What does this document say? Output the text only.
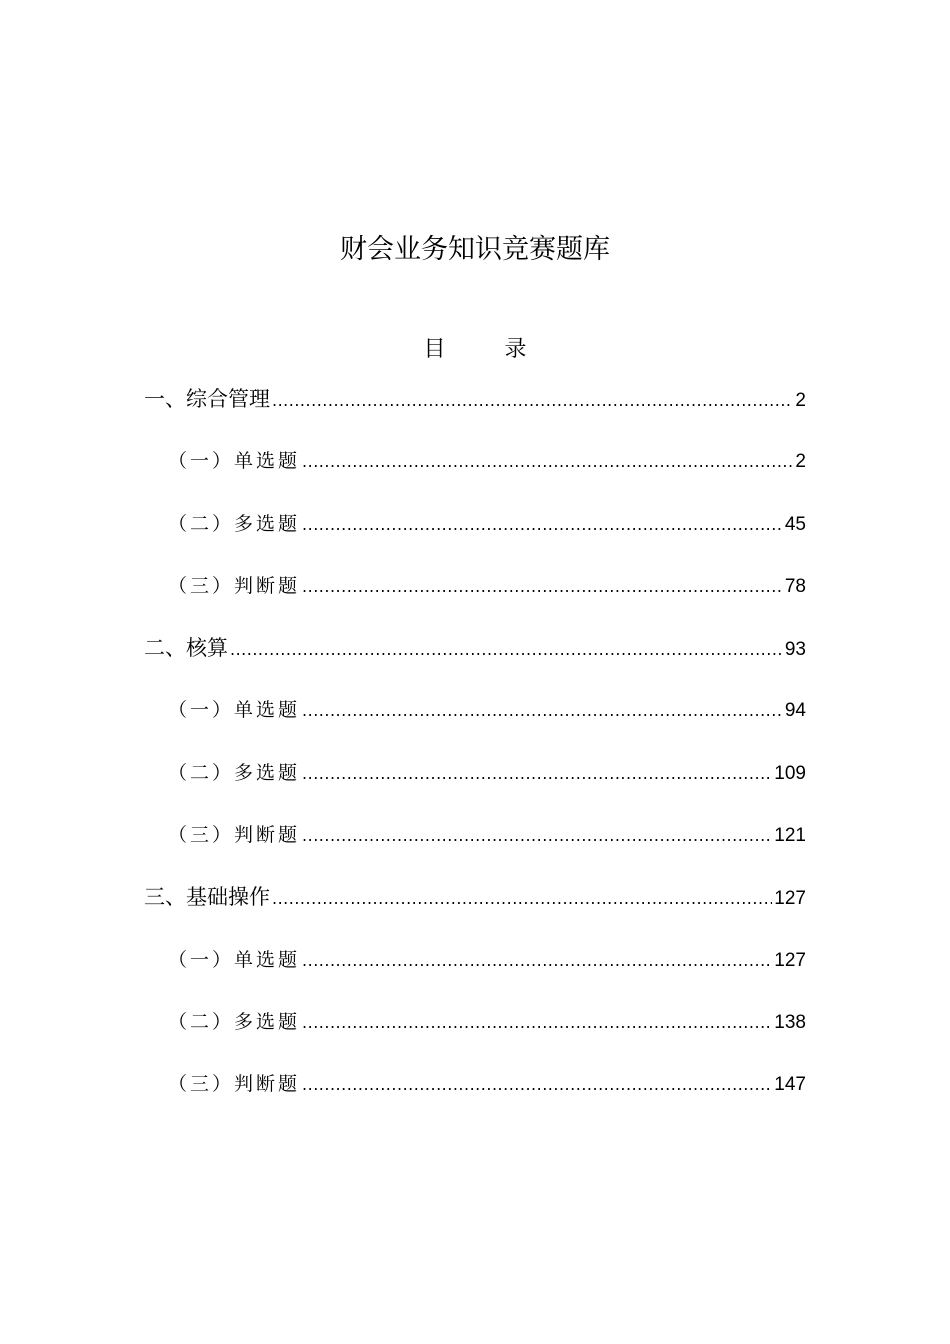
财会业务知识竞赛题库
目 录
一、综合管理 .....	2
（一）单选题 .....	2
（二）多选题 .....	45
（三）判断题 .....	78
二、核算 .....	93
（一）单选题 .....	94
（二）多选题 .....	109
（三）判断题 .....	121
三、基础操作 .....	127
（一）单选题 .....	127
（二）多选题 .....	138
（三）判断题 .....	147
